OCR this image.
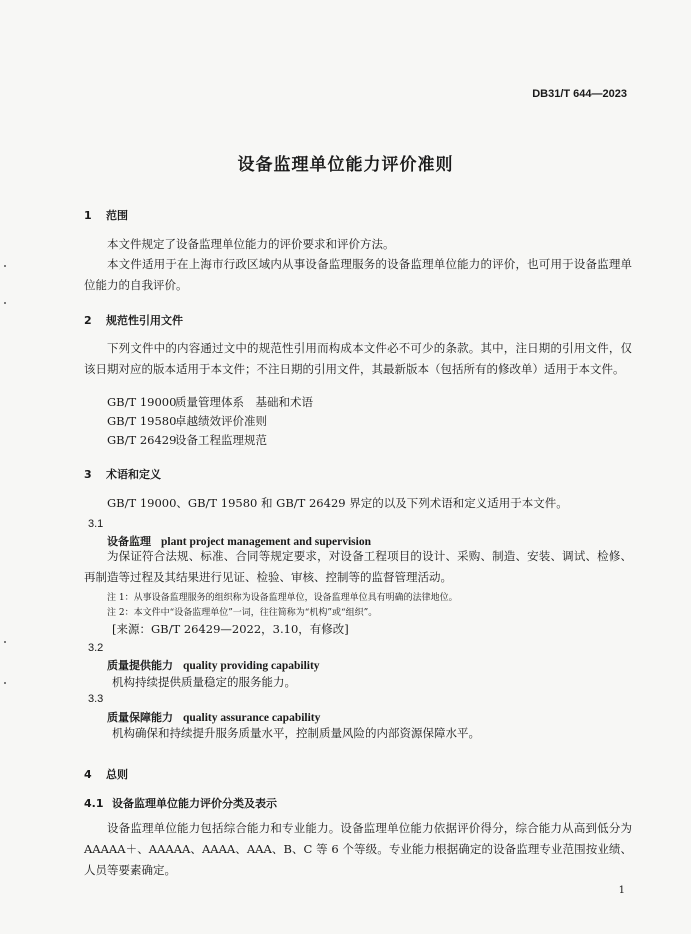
DB31/T 644—2023
设备监理单位能力评价准则
1 范围
本文件规定了设备监理单位能力的评价要求和评价方法。
本文件适用于在上海市行政区域内从事设备监理服务的设备监理单位能力的评价，也可用于设备监理单位能力的自我评价。
2 规范性引用文件
下列文件中的内容通过文中的规范性引用而构成本文件必不可少的条款。其中，注日期的引用文件，仅该日期对应的版本适用于本文件；不注日期的引用文件，其最新版本（包括所有的修改单）适用于本文件。
GB/T 19000质量管理体系　基础和术语
GB/T 19580卓越绩效评价准则
GB/T 26429设备工程监理规范
3 术语和定义
GB/T 19000、GB/T 19580 和 GB/T 26429 界定的以及下列术语和定义适用于本文件。
3.1
设备监理 plant project management and supervision
为保证符合法规、标准、合同等规定要求，对设备工程项目的设计、采购、制造、安装、调试、检修、再制造等过程及其结果进行见证、检验、审核、控制等的监督管理活动。
注 1：从事设备监理服务的组织称为设备监理单位，设备监理单位具有明确的法律地位。
注 2：本文件中“设备监理单位”一词，往往简称为“机构”或“组织”。
[来源：GB/T 26429—2022，3.10，有修改]
3.2
质量提供能力 quality providing capability
机构持续提供质量稳定的服务能力。
3.3
质量保障能力 quality assurance capability
机构确保和持续提升服务质量水平，控制质量风险的内部资源保障水平。
4 总则
4.1 设备监理单位能力评价分类及表示
设备监理单位能力包括综合能力和专业能力。设备监理单位能力依据评价得分，综合能力从高到低分为 AAAAA＋、AAAAA、AAAA、AAA、B、C 等 6 个等级。专业能力根据确定的设备监理专业范围按业绩、人员等要素确定。
1
